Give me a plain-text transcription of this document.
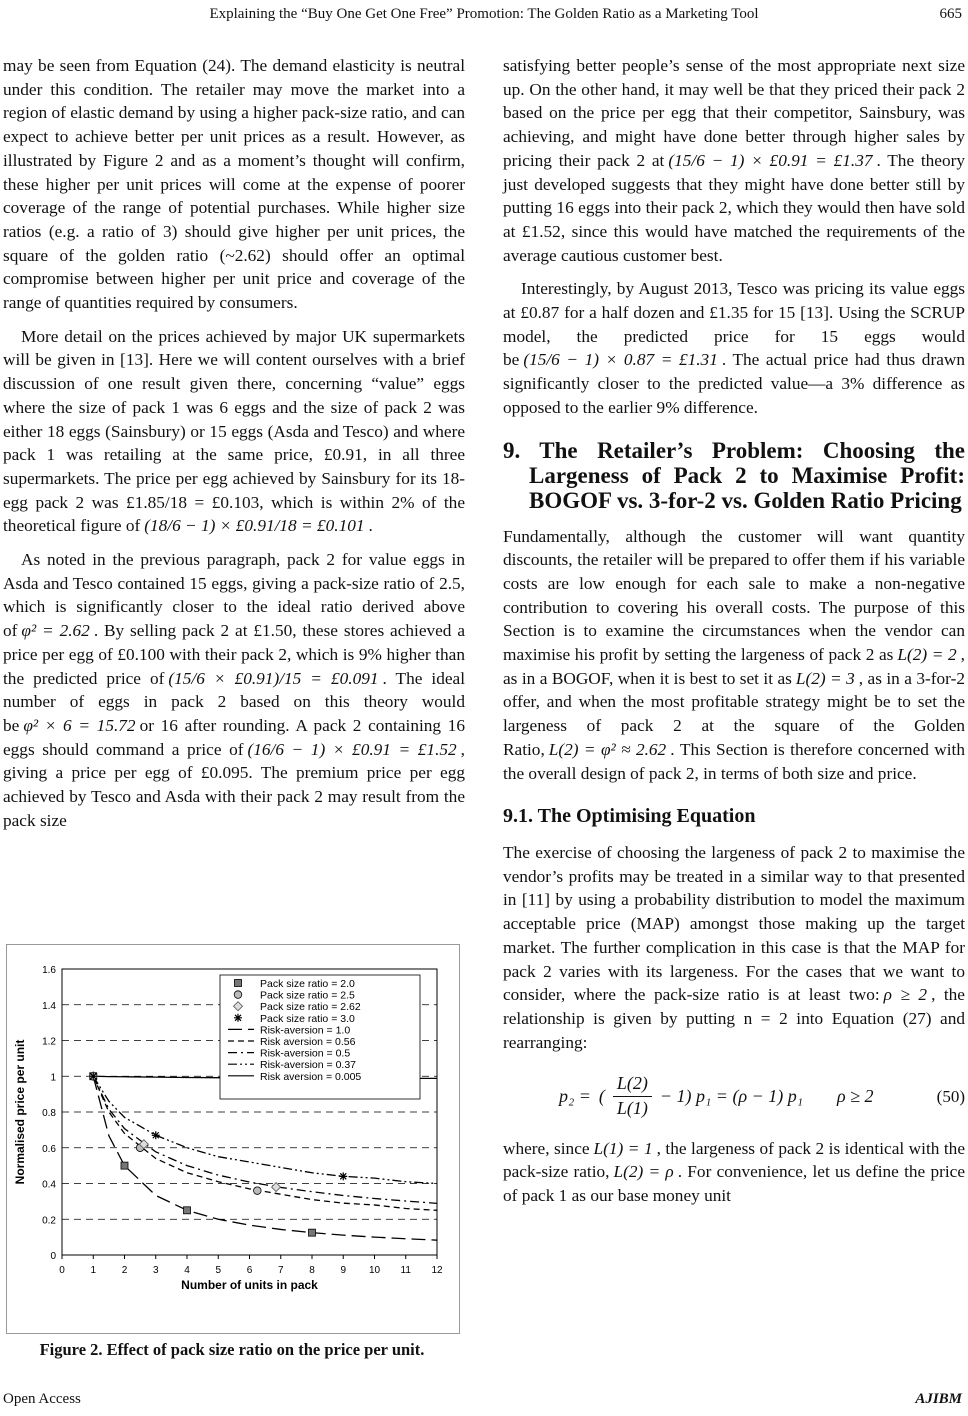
Explaining the “Buy One Get One Free” Promotion: The Golden Ratio as a Marketing Tool	665

may be seen from Equation (24). The demand elasticity is neutral under this condition. The retailer may move the market into a region of elastic demand by using a higher pack-size ratio, and can expect to achieve better per unit prices as a result. However, as illustrated by Figure 2 and as a moment’s thought will confirm, these higher per unit prices will come at the expense of poorer coverage of the range of potential purchases. While higher size ratios (e.g. a ratio of 3) should give higher per unit prices, the square of the golden ratio (~2.62) should offer an optimal compromise between higher per unit price and coverage of the range of quantities required by consumers.

More detail on the prices achieved by major UK supermarkets will be given in [13]. Here we will content ourselves with a brief discussion of one result given there, concerning “value” eggs where the size of pack 1 was 6 eggs and the size of pack 2 was either 18 eggs (Sainsbury) or 15 eggs (Asda and Tesco) and where pack 1 was retailing at the same price, £0.91, in all three supermarkets. The price per egg achieved by Sainsbury for its 18-egg pack 2 was £1.85/18 = £0.103, which is within 2% of the theoretical figure of (18/6 − 1) × £0.91/18 = £0.101 .

As noted in the previous paragraph, pack 2 for value eggs in Asda and Tesco contained 15 eggs, giving a pack-size ratio of 2.5, which is significantly closer to the ideal ratio derived above of φ² = 2.62 . By selling pack 2 at £1.50, these stores achieved a price per egg of £0.100 with their pack 2, which is 9% higher than the predicted price of (15/6 × £0.91)/15 = £0.091 . The ideal number of eggs in pack 2 based on this theory would be φ² × 6 = 15.72 or 16 after rounding. A pack 2 containing 16 eggs should command a price of (16/6 − 1) × £0.91 = £1.52 , giving a price per egg of £0.095. The premium price per egg achieved by Tesco and Asda with their pack 2 may result from the pack size

0
0.2
0.4
0.6
0.8
1
1.2
1.4
1.6
0	1	2	3	4	5	6	7	8	9 10 11 12
Number of units in pack
Normalised price per unit
Pack size ratio = 2.0
Pack size ratio = 2.5
Pack size ratio = 2.62
Pack size ratio = 3.0
Risk-aversion = 1.0
Risk aversion = 0.56
Risk-aversion = 0.5
Risk-aversion = 0.37
Risk aversion = 0.005
Figure 2. Effect of pack size ratio on the price per unit.

satisfying better people’s sense of the most appropriate next size up. On the other hand, it may well be that they priced their pack 2 based on the price per egg that their competitor, Sainsbury, was achieving, and might have done better through higher sales by pricing their pack 2 at (15/6 − 1) × £0.91 = £1.37 . The theory just developed suggests that they might have done better still by putting 16 eggs into their pack 2, which they would then have sold at £1.52, since this would have matched the requirements of the average cautious customer best.

Interestingly, by August 2013, Tesco was pricing its value eggs at £0.87 for a half dozen and £1.35 for 15 [13]. Using the SCRUP model, the predicted price for 15 eggs would be (15/6 − 1) × 0.87 = £1.31 . The actual price had thus drawn significantly closer to the predicted value—a 3% difference as opposed to the earlier 9% difference.

9. The Retailer’s Problem: Choosing the Largeness of Pack 2 to Maximise Profit: BOGOF vs. 3-for-2 vs. Golden Ratio Pricing

Fundamentally, although the customer will want quantity discounts, the retailer will be prepared to offer them if his variable costs are low enough for each sale to make a non-negative contribution to covering his overall costs. The purpose of this Section is to examine the circumstances when the vendor can maximise his profit by setting the largeness of pack 2 as L(2) = 2 , as in a BOGOF, when it is best to set it as L(2) = 3 , as in a 3-for-2 offer, and when the most profitable strategy might be to set the largeness of pack 2 at the square of the Golden Ratio, L(2) = φ² ≈ 2.62 . This Section is therefore concerned with the overall design of pack 2, in terms of both size and price.

9.1. The Optimising Equation

The exercise of choosing the largeness of pack 2 to maximise the vendor’s profits may be treated in a similar way to that presented in [11] by using a probability distribution to model the maximum acceptable price (MAP) amongst those making up the target market. The further complication in this case is that the MAP for pack 2 varies with its largeness. For the cases that we want to consider, where the pack-size ratio is at least two: ρ ≥ 2 , the relationship is given by putting n = 2 into Equation (27) and rearranging:

p₂ = ( $\frac{L(2)}{L(1)} - 1$) p₁ = (ρ − 1) p₁ ρ ≥ 2	(50)

where, since L(1) = 1 , the largeness of pack 2 is identical with the pack-size ratio, L(2) = ρ . For convenience, let us define the price of pack 1 as our base money unit

Open Access	AJIBM
